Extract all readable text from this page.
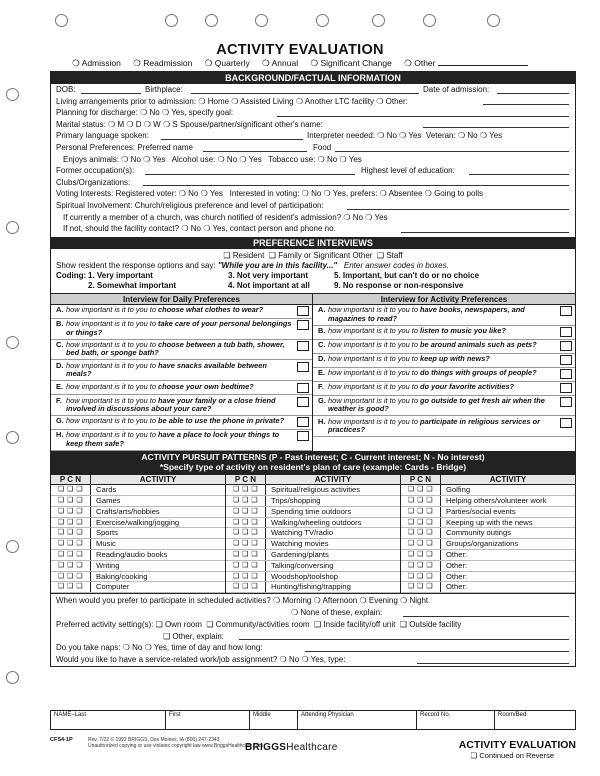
ACTIVITY EVALUATION
❍ Admission ❍ Readmission ❍ Quarterly ❍ Annual ❍ Significant Change ❍ Other
BACKGROUND/FACTUAL INFORMATION
DOB:	Birthplace:	Date of admission:
Living arrangements prior to admission: ❍ Home ❍ Assisted Living ❍ Another LTC facility ❍ Other:
Planning for discharge: ❍ No ❍ Yes, specify goal:
Marital status: ❍ M ❍ D ❍ W ❍ S Spouse/partner/significant other's name:
Primary language spoken:	Interpreter needed: ❍ No ❍ Yes Veteran: ❍ No ❍ Yes
Personal Preferences: Preferred name	Food
Enjoys animals: ❍ No ❍ Yes Alcohol use: ❍ No ❍ Yes Tobacco use: ❍ No ❍ Yes
Former occupation(s):	Highest level of education:
Clubs/Organizations:
Voting Interests: Registered voter: ❍ No ❍ Yes Interested in voting: ❍ No ❍ Yes, prefers: ❍ Absentee ❍ Going to polls
Spiritual Involvement: Church/religious preference and level of participation:
If currently a member of a church, was church notified of resident's admission? ❍ No ❍ Yes
If not, should the facility contact? ❍ No ❍ Yes, contact person and phone no.
PREFERENCE INTERVIEWS
❑ Resident ❑ Family or Significant Other ❑ Staff
Show resident the response options and say: "While you are in this facility..." Enter answer codes in boxes.
Coding: 1. Very important	3. Not very important	5. Important, but can't do or no choice
2. Somewhat important	4. Not important at all	9. No response or non-responsive
Interview for Daily Preferences
A. how important is it to you to choose what clothes to wear?
B. how important is it to you to take care of your personal belongings or things?
C. how important is it to you to choose between a tub bath, shower, bed bath, or sponge bath?
D. how important is it to you to have snacks available between meals?
E. how important is it to you to choose your own bedtime?
F. how important is it to you to have your family or a close friend involved in discussions about your care?
G. how important is it to you to be able to use the phone in private?
H. how important is it to you to have a place to lock your things to keep them safe?
Interview for Activity Preferences
A. how important is it to you to have books, newspapers, and magazines to read?
B. how important is it to you to listen to music you like?
C. how important is it to you to be around animals such as pets?
D. how important is it to you to keep up with news?
E. how important is it to you to do things with groups of people?
F. how important is it to you to do your favorite activities?
G. how important is it to you to go outside to get fresh air when the weather is good?
H. how important is it to you to participate in religious services or practices?
ACTIVITY PURSUIT PATTERNS (P - Past interest; C - Current interest; N - No interest)
*Specify type of activity on resident's plan of care (example: Cards - Bridge)
P C N	ACTIVITY
❑ ❑ ❑	Cards
❑ ❑ ❑	Games
❑ ❑ ❑	Crafts/arts/hobbies
❑ ❑ ❑	Exercise/walking/jogging
❑ ❑ ❑	Sports
❑ ❑ ❑	Music
❑ ❑ ❑	Reading/audio books
❑ ❑ ❑	Writing
❑ ❑ ❑	Baking/cooking
❑ ❑ ❑	Computer
P C N	ACTIVITY
❑ ❑ ❑	Spiritual/religious activities
❑ ❑ ❑	Trips/shopping
❑ ❑ ❑	Spending time outdoors
❑ ❑ ❑	Walking/wheeling outdoors
❑ ❑ ❑	Watching TV/radio
❑ ❑ ❑	Watching movies
❑ ❑ ❑	Gardening/plants
❑ ❑ ❑	Talking/conversing
❑ ❑ ❑	Woodshop/toolshop
❑ ❑ ❑	Hunting/fishing/trapping
P C N	ACTIVITY
❑ ❑ ❑	Golfing
❑ ❑ ❑	Helping others/volunteer work
❑ ❑ ❑	Parties/social events
❑ ❑ ❑	Keeping up with the news
❑ ❑ ❑	Community outings
❑ ❑ ❑	Groups/organizations
❑ ❑ ❑	Other:
❑ ❑ ❑	Other:
❑ ❑ ❑	Other:
❑ ❑ ❑	Other:
When would you prefer to participate in scheduled activities? ❍ Morning ❍ Afternoon ❍ Evening ❍ Night
❍ None of these, explain:
Preferred activity setting(s): ❑ Own room ❑ Community/activities room ❑ Inside facility/off unit ❑ Outside facility
❑ Other, explain:
Do you take naps: ❍ No ❍ Yes, time of day and how long:
Would you like to have a service-related work/job assignment? ❍ No ❍ Yes, type:
NAME–Last	First	Middle	Attending Physician	Record No.	Room/Bed
CFS4-1P	Rev. 7/22 © 1992 BRIGGS, Des Moines, IA (800) 247-2343
Unauthorized copying or use violates copyright law www.BriggsHealthcare.com
BRIGGSHealthcare	ACTIVITY EVALUATION
❑ Continued on Reverse
